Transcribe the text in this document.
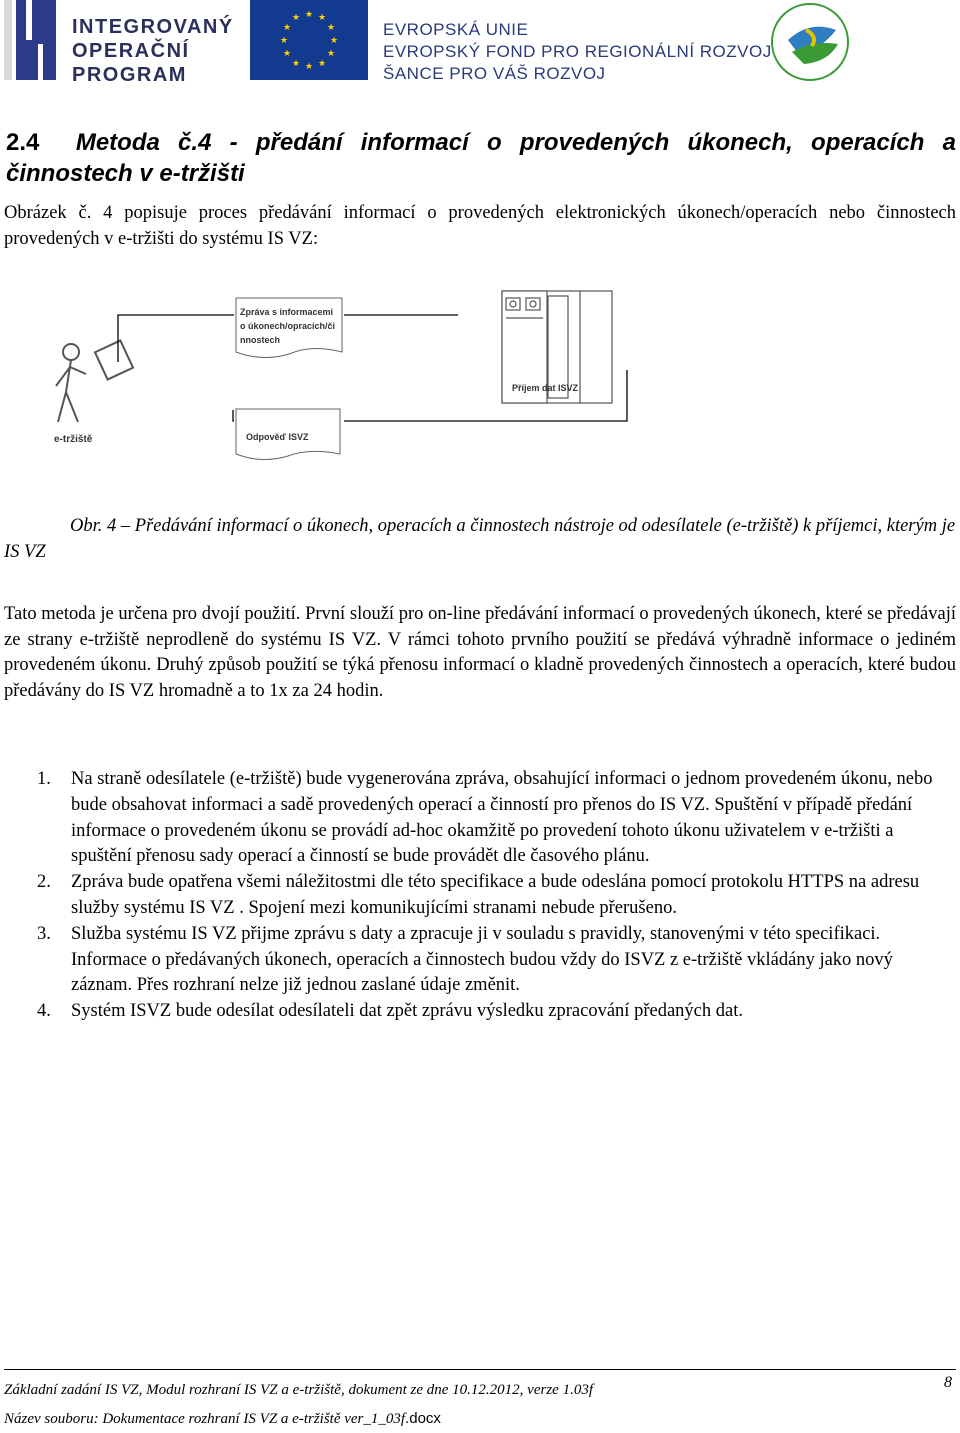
INTEGROVANÝ
OPERAČNÍ
PROGRAM
★ ★
★
★
★
★
★
★
★
★
★
★
EVROPSKÁ UNIE
EVROPSKÝ FOND PRO REGIONÁLNÍ ROZVOJ
ŠANCE PRO VÁŠ ROZVOJ
2.4 Metoda č.4 - předání informací o provedených úkonech, operacích a činnostech v e-tržišti
Obrázek č. 4 popisuje proces předávání informací o provedených elektronických úkonech/operacích nebo činnostech provedených v e-tržišti do systému IS VZ:
e-tržiště
Zpráva s informacemi
o úkonech/opracích/či
nnostech
Příjem dat ISVZ
Odpověď ISVZ
Obr. 4 – Předávání informací o úkonech, operacích a činnostech nástroje od odesílatele (e-tržiště) k příjemci, kterým je IS VZ
Tato metoda je určena pro dvojí použití. První slouží pro on-line předávání informací o provedených úkonech, které se předávají ze strany e-tržiště neprodleně do systému IS VZ. V rámci tohoto prvního použití se předává výhradně informace o jediném provedeném úkonu. Druhý způsob použití se týká přenosu informací o kladně provedených činnostech a operacích, které budou předávány do IS VZ hromadně a to 1x za 24 hodin.
1. Na straně odesílatele (e-tržiště) bude vygenerována zpráva, obsahující informaci o jednom provedeném úkonu, nebo bude obsahovat informaci a sadě provedených operací a činností pro přenos do IS VZ. Spuštění v případě předání informace o provedeném úkonu se provádí ad-hoc okamžitě po provedení tohoto úkonu uživatelem v e-tržišti a spuštění přenosu sady operací a činností se bude provádět dle časového plánu.
2. Zpráva bude opatřena všemi náležitostmi dle této specifikace a bude odeslána pomocí protokolu HTTPS na adresu služby systému IS VZ . Spojení mezi komunikujícími stranami nebude přerušeno.
3. Služba systému IS VZ přijme zprávu s daty a zpracuje ji v souladu s pravidly, stanovenými v této specifikaci. Informace o předávaných úkonech, operacích a činnostech budou vždy do ISVZ z e-tržiště vkládány jako nový záznam. Přes rozhraní nelze již jednou zaslané údaje změnit.
4. Systém ISVZ bude odesílat odesílateli dat zpět zprávu výsledku zpracování předaných dat.
Základní zadání IS VZ, Modul rozhraní IS VZ a e-tržiště, dokument ze dne 10.12.2012, verze 1.03f
Název souboru: Dokumentace rozhraní IS VZ a e-tržiště ver_1_03f.docx
8
